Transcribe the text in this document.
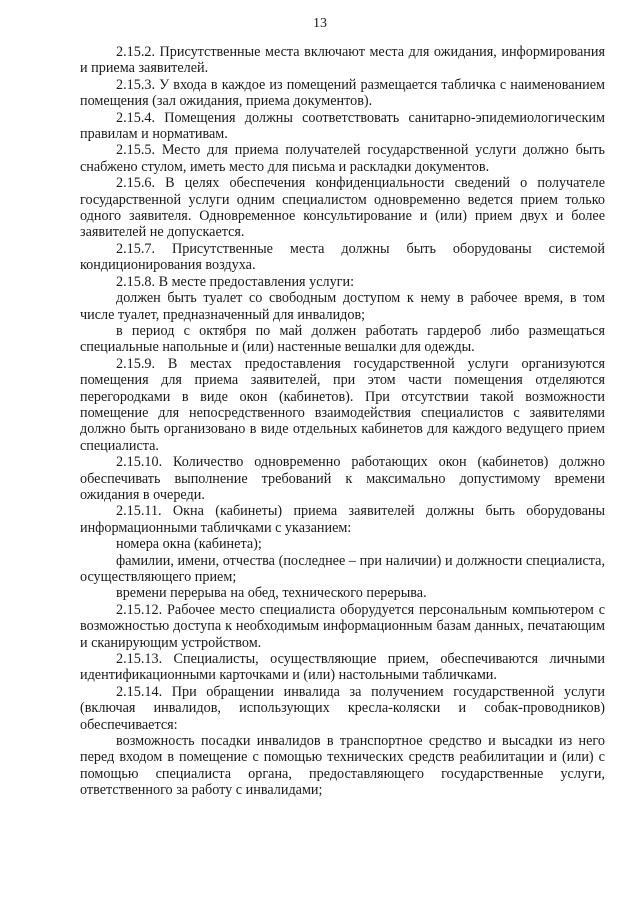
13

2.15.2. Присутственные места включают места для ожидания, информирования и приема заявителей.

2.15.3. У входа в каждое из помещений размещается табличка с наименованием помещения (зал ожидания, приема документов).

2.15.4. Помещения должны соответствовать санитарно-эпидемиологическим правилам и нормативам.

2.15.5. Место для приема получателей государственной услуги должно быть снабжено стулом, иметь место для письма и раскладки документов.

2.15.6. В целях обеспечения конфиденциальности сведений о получателе государственной услуги одним специалистом одновременно ведется прием только одного заявителя. Одновременное консультирование и (или) прием двух и более заявителей не допускается.

2.15.7. Присутственные места должны быть оборудованы системой кондиционирования воздуха.

2.15.8. В месте предоставления услуги:

должен быть туалет со свободным доступом к нему в рабочее время, в том числе туалет, предназначенный для инвалидов;

в период с октября по май должен работать гардероб либо размещаться специальные напольные и (или) настенные вешалки для одежды.

2.15.9. В местах предоставления государственной услуги организуются помещения для приема заявителей, при этом части помещения отделяются перегородками в виде окон (кабинетов). При отсутствии такой возможности помещение для непосредственного взаимодействия специалистов с заявителями должно быть организовано в виде отдельных кабинетов для каждого ведущего прием специалиста.

2.15.10. Количество одновременно работающих окон (кабинетов) должно обеспечивать выполнение требований к максимально допустимому времени ожидания в очереди.

2.15.11. Окна (кабинеты) приема заявителей должны быть оборудованы информационными табличками с указанием:

номера окна (кабинета);

фамилии, имени, отчества (последнее – при наличии) и должности специалиста, осуществляющего прием;

времени перерыва на обед, технического перерыва.

2.15.12. Рабочее место специалиста оборудуется персональным компьютером с возможностью доступа к необходимым информационным базам данных, печатающим и сканирующим устройством.

2.15.13. Специалисты, осуществляющие прием, обеспечиваются личными идентификационными карточками и (или) настольными табличками.

2.15.14. При обращении инвалида за получением государственной услуги (включая инвалидов, использующих кресла-коляски и собак-проводников) обеспечивается:

возможность посадки инвалидов в транспортное средство и высадки из него перед входом в помещение с помощью технических средств реабилитации и (или) с помощью специалиста органа, предоставляющего государственные услуги, ответственного за работу с инвалидами;
